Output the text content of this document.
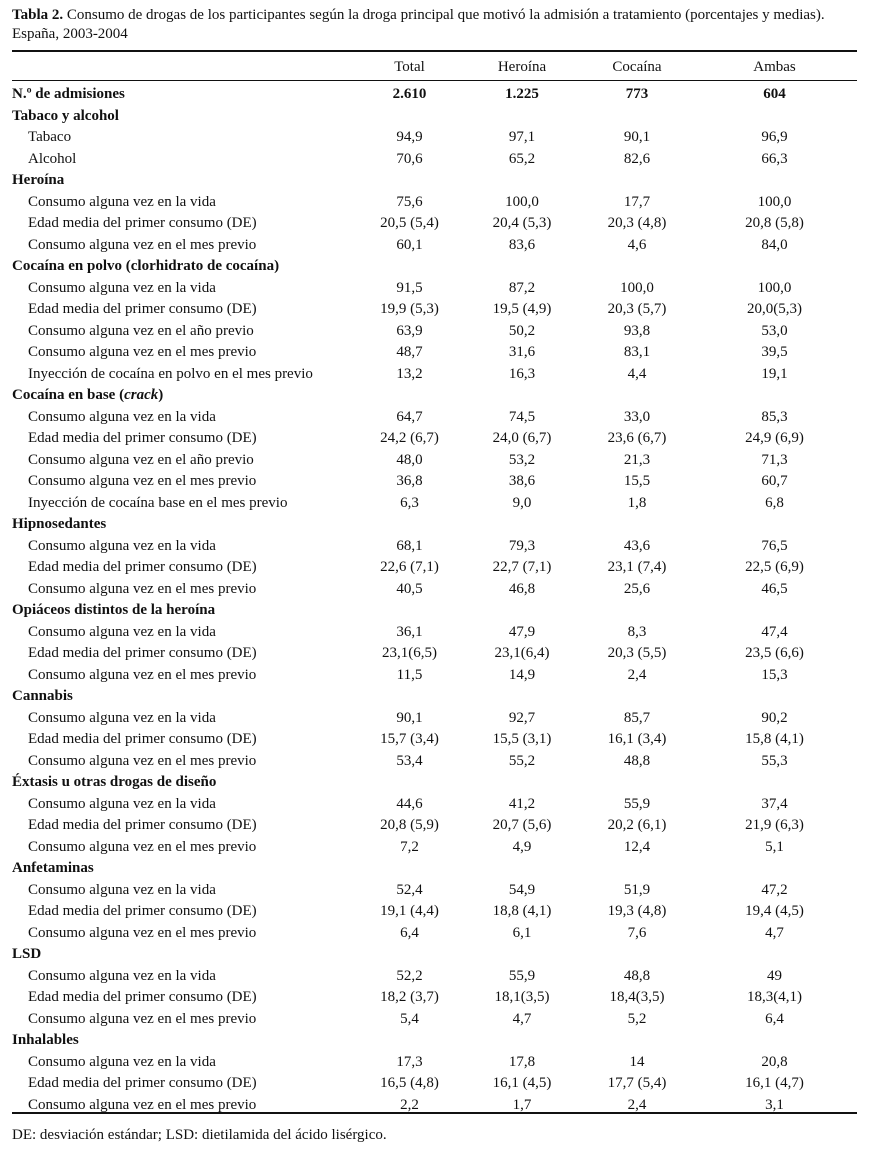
Tabla 2. Consumo de drogas de los participantes según la droga principal que motivó la admisión a tratamiento (porcentajes y medias). España, 2003-2004
	Total	Heroína	Cocaína	Ambas

N.º de admisiones	2.610	1.225	773	604
Tabaco y alcohol				
Tabaco	94,9	97,1	90,1	96,9
Alcohol	70,6	65,2	82,6	66,3
Heroína				
Consumo alguna vez en la vida	75,6	100,0	17,7	100,0
Edad media del primer consumo (DE)	20,5 (5,4)	20,4 (5,3)	20,3 (4,8)	20,8 (5,8)
Consumo alguna vez en el mes previo	60,1	83,6	4,6	84,0
Cocaína en polvo (clorhidrato de cocaína)				
Consumo alguna vez en la vida	91,5	87,2	100,0	100,0
Edad media del primer consumo (DE)	19,9 (5,3)	19,5 (4,9)	20,3 (5,7)	20,0(5,3)
Consumo alguna vez en el año previo	63,9	50,2	93,8	53,0
Consumo alguna vez en el mes previo	48,7	31,6	83,1	39,5
Inyección de cocaína en polvo en el mes previo	13,2	16,3	4,4	19,1
Cocaína en base (crack)				
Consumo alguna vez en la vida	64,7	74,5	33,0	85,3
Edad media del primer consumo (DE)	24,2 (6,7)	24,0 (6,7)	23,6 (6,7)	24,9 (6,9)
Consumo alguna vez en el año previo	48,0	53,2	21,3	71,3
Consumo alguna vez en el mes previo	36,8	38,6	15,5	60,7
Inyección de cocaína base en el mes previo	6,3	9,0	1,8	6,8
Hipnosedantes				
Consumo alguna vez en la vida	68,1	79,3	43,6	76,5
Edad media del primer consumo (DE)	22,6 (7,1)	22,7 (7,1)	23,1 (7,4)	22,5 (6,9)
Consumo alguna vez en el mes previo	40,5	46,8	25,6	46,5
Opiáceos distintos de la heroína				
Consumo alguna vez en la vida	36,1	47,9	8,3	47,4
Edad media del primer consumo (DE)	23,1(6,5)	23,1(6,4)	20,3 (5,5)	23,5 (6,6)
Consumo alguna vez en el mes previo	11,5	14,9	2,4	15,3
Cannabis				
Consumo alguna vez en la vida	90,1	92,7	85,7	90,2
Edad media del primer consumo (DE)	15,7 (3,4)	15,5 (3,1)	16,1 (3,4)	15,8 (4,1)
Consumo alguna vez en el mes previo	53,4	55,2	48,8	55,3
Éxtasis u otras drogas de diseño				
Consumo alguna vez en la vida	44,6	41,2	55,9	37,4
Edad media del primer consumo (DE)	20,8 (5,9)	20,7 (5,6)	20,2 (6,1)	21,9 (6,3)
Consumo alguna vez en el mes previo	7,2	4,9	12,4	5,1
Anfetaminas				
Consumo alguna vez en la vida	52,4	54,9	51,9	47,2
Edad media del primer consumo (DE)	19,1 (4,4)	18,8 (4,1)	19,3 (4,8)	19,4 (4,5)
Consumo alguna vez en el mes previo	6,4	6,1	7,6	4,7
LSD				
Consumo alguna vez en la vida	52,2	55,9	48,8	49
Edad media del primer consumo (DE)	18,2 (3,7)	18,1(3,5)	18,4(3,5)	18,3(4,1)
Consumo alguna vez en el mes previo	5,4	4,7	5,2	6,4
Inhalables				
Consumo alguna vez en la vida	17,3	17,8	14	20,8
Edad media del primer consumo (DE)	16,5 (4,8)	16,1 (4,5)	17,7 (5,4)	16,1 (4,7)
Consumo alguna vez en el mes previo	2,2	1,7	2,4	3,1
DE: desviación estándar; LSD: dietilamida del ácido lisérgico.
